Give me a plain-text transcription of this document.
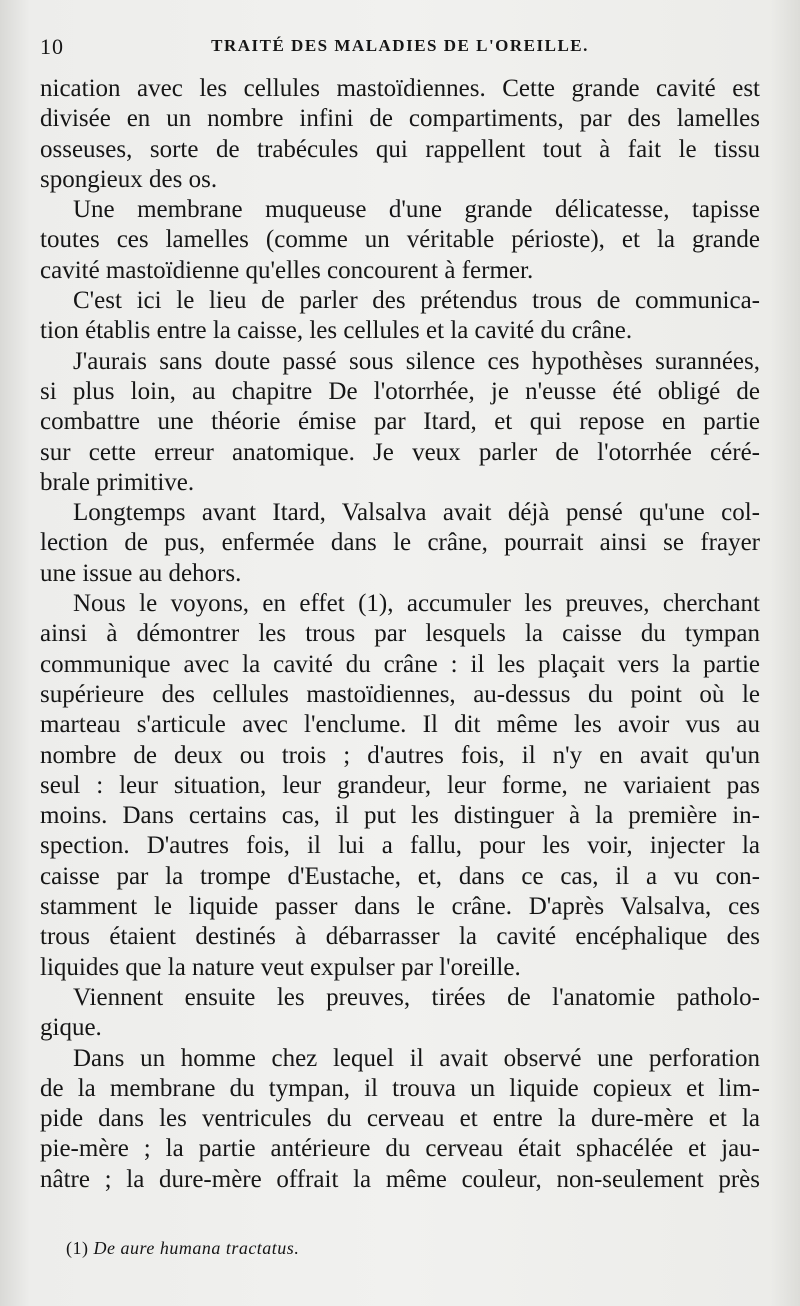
10	TRAITÉ DES MALADIES DE L'OREILLE.
nication avec les cellules mastoïdiennes. Cette grande cavité est
divisée en un nombre infini de compartiments, par des lamelles
osseuses, sorte de trabécules qui rappellent tout à fait le tissu
spongieux des os.
Une membrane muqueuse d'une grande délicatesse, tapisse
toutes ces lamelles (comme un véritable périoste), et la grande
cavité mastoïdienne qu'elles concourent à fermer.
C'est ici le lieu de parler des prétendus trous de communica-
tion établis entre la caisse, les cellules et la cavité du crâne.
J'aurais sans doute passé sous silence ces hypothèses surannées,
si plus loin, au chapitre De l'otorrhée, je n'eusse été obligé de
combattre une théorie émise par Itard, et qui repose en partie
sur cette erreur anatomique. Je veux parler de l'otorrhée céré-
brale primitive.
Longtemps avant Itard, Valsalva avait déjà pensé qu'une col-
lection de pus, enfermée dans le crâne, pourrait ainsi se frayer
une issue au dehors.
Nous le voyons, en effet (1), accumuler les preuves, cherchant
ainsi à démontrer les trous par lesquels la caisse du tympan
communique avec la cavité du crâne : il les plaçait vers la partie
supérieure des cellules mastoïdiennes, au-dessus du point où le
marteau s'articule avec l'enclume. Il dit même les avoir vus au
nombre de deux ou trois ; d'autres fois, il n'y en avait qu'un
seul : leur situation, leur grandeur, leur forme, ne variaient pas
moins. Dans certains cas, il put les distinguer à la première in-
spection. D'autres fois, il lui a fallu, pour les voir, injecter la
caisse par la trompe d'Eustache, et, dans ce cas, il a vu con-
stamment le liquide passer dans le crâne. D'après Valsalva, ces
trous étaient destinés à débarrasser la cavité encéphalique des
liquides que la nature veut expulser par l'oreille.
Viennent ensuite les preuves, tirées de l'anatomie patholo-
gique.
Dans un homme chez lequel il avait observé une perforation
de la membrane du tympan, il trouva un liquide copieux et lim-
pide dans les ventricules du cerveau et entre la dure-mère et la
pie-mère ; la partie antérieure du cerveau était sphacélée et jau-
nâtre ; la dure-mère offrait la même couleur, non-seulement près
(1) De aure humana tractatus.
